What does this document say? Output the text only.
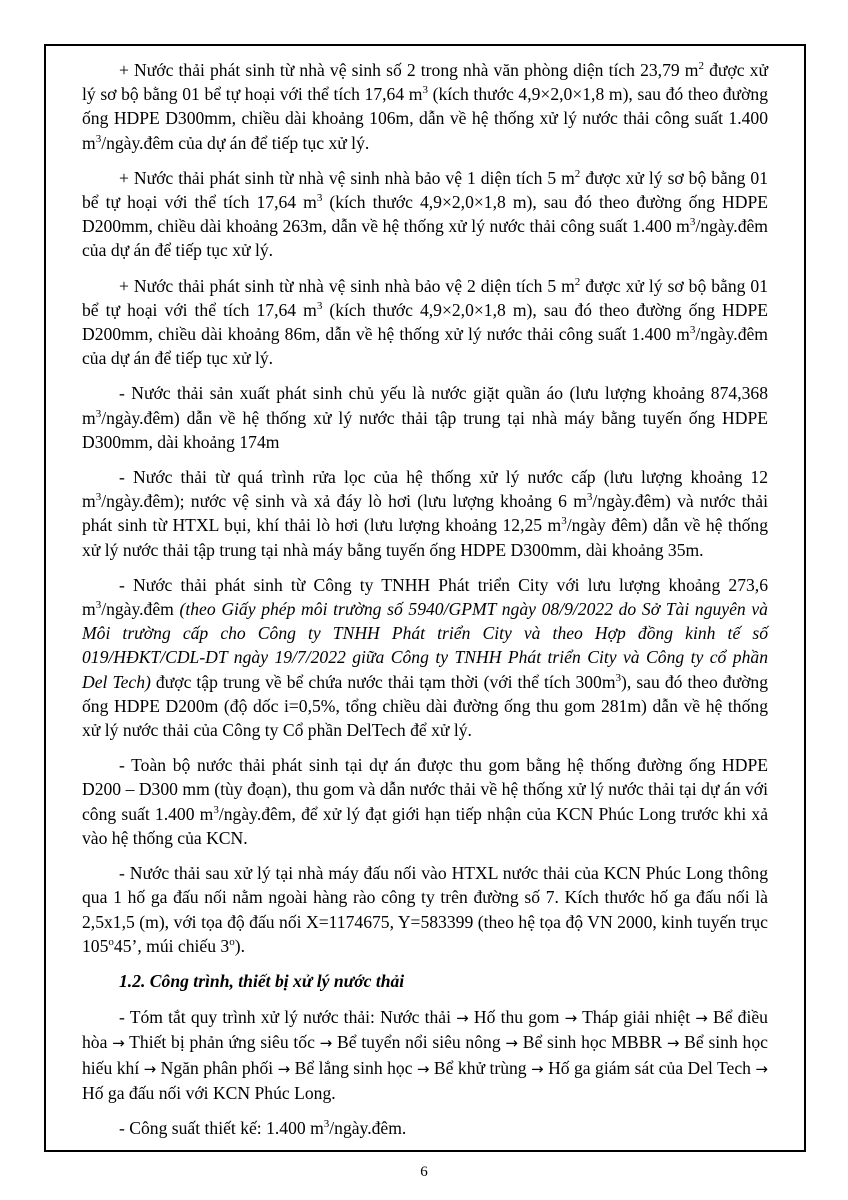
+ Nước thải phát sinh từ nhà vệ sinh số 2 trong nhà văn phòng diện tích 23,79 $m^2$ được xử lý sơ bộ bằng 01 bể tự hoại với thể tích 17,64 $m^3$ (kích thước 4,9×2,0×1,8 m), sau đó theo đường ống HDPE D300mm, chiều dài khoảng 106m, dẫn về hệ thống xử lý nước thải công suất 1.400 $m^3/ngày.đêm$ của dự án để tiếp tục xử lý.

+ Nước thải phát sinh từ nhà vệ sinh nhà bảo vệ 1 diện tích 5 $m^2$ được xử lý sơ bộ bằng 01 bể tự hoại với thể tích 17,64 $m^3$ (kích thước 4,9×2,0×1,8 m), sau đó theo đường ống HDPE D200mm, chiều dài khoảng 263m, dẫn về hệ thống xử lý nước thải công suất 1.400 $m^3/ngày.đêm$ của dự án để tiếp tục xử lý.

+ Nước thải phát sinh từ nhà vệ sinh nhà bảo vệ 2 diện tích 5 $m^2$ được xử lý sơ bộ bằng 01 bể tự hoại với thể tích 17,64 $m^3$ (kích thước 4,9×2,0×1,8 m), sau đó theo đường ống HDPE D200mm, chiều dài khoảng 86m, dẫn về hệ thống xử lý nước thải công suất 1.400 $m^3/ngày.đêm$ của dự án để tiếp tục xử lý.

- Nước thải sản xuất phát sinh chủ yếu là nước giặt quần áo (lưu lượng khoảng 874,368 $m^3/ngày.đêm$) dẫn về hệ thống xử lý nước thải tập trung tại nhà máy bằng tuyến ống HDPE D300mm, dài khoảng 174m

- Nước thải từ quá trình rửa lọc của hệ thống xử lý nước cấp (lưu lượng khoảng 12 $m^3/ngày.đêm$); nước vệ sinh và xả đáy lò hơi (lưu lượng khoảng 6 $m^3/ngày.đêm$) và nước thải phát sinh từ HTXL bụi, khí thải lò hơi (lưu lượng khoảng 12,25 $m^3$/ngày đêm) dẫn về hệ thống xử lý nước thải tập trung tại nhà máy bằng tuyến ống HDPE D300mm, dài khoảng 35m.

- Nước thải phát sinh từ Công ty TNHH Phát triển City với lưu lượng khoảng 273,6 $m^3/ngày.đêm$ (theo Giấy phép môi trường số 5940/GPMT ngày 08/9/2022 do Sở Tài nguyên và Môi trường cấp cho Công ty TNHH Phát triển City và theo Hợp đồng kinh tế số 019/HĐKT/CDL-DT ngày 19/7/2022 giữa Công ty TNHH Phát triển City và Công ty cổ phần Del Tech) được tập trung về bể chứa nước thải tạm thời (với thể tích $300m^3$), sau đó theo đường ống HDPE D200m (độ dốc i=0,5%, tổng chiều dài đường ống thu gom 281m) dẫn về hệ thống xử lý nước thải của Công ty Cổ phần DelTech để xử lý.

- Toàn bộ nước thải phát sinh tại dự án được thu gom bằng hệ thống đường ống HDPE D200 – D300 mm (tùy đoạn), thu gom và dẫn nước thải về hệ thống xử lý nước thải tại dự án với công suất 1.400 $m^3/ngày.đêm$, để xử lý đạt giới hạn tiếp nhận của KCN Phúc Long trước khi xả vào hệ thống của KCN.

- Nước thải sau xử lý tại nhà máy đấu nối vào HTXL nước thải của KCN Phúc Long thông qua 1 hố ga đấu nối nằm ngoài hàng rào công ty trên đường số 7. Kích thước hố ga đấu nối là 2,5x1,5 (m), với tọa độ đấu nối X=1174675, Y=583399 (theo hệ tọa độ VN 2000, kinh tuyến trục 105$^o$45’, múi chiếu 3$^o$).

1.2. Công trình, thiết bị xử lý nước thải

- Tóm tắt quy trình xử lý nước thải: Nước thải → Hố thu gom → Tháp giải nhiệt → Bể điều hòa → Thiết bị phản ứng siêu tốc → Bể tuyển nổi siêu nông → Bể sinh học MBBR → Bể sinh học hiếu khí → Ngăn phân phối → Bể lắng sinh học → Bể khử trùng → Hố ga giám sát của Del Tech → Hố ga đấu nối với KCN Phúc Long.

- Công suất thiết kế: 1.400 $m^3/ngày.đêm$.

6
